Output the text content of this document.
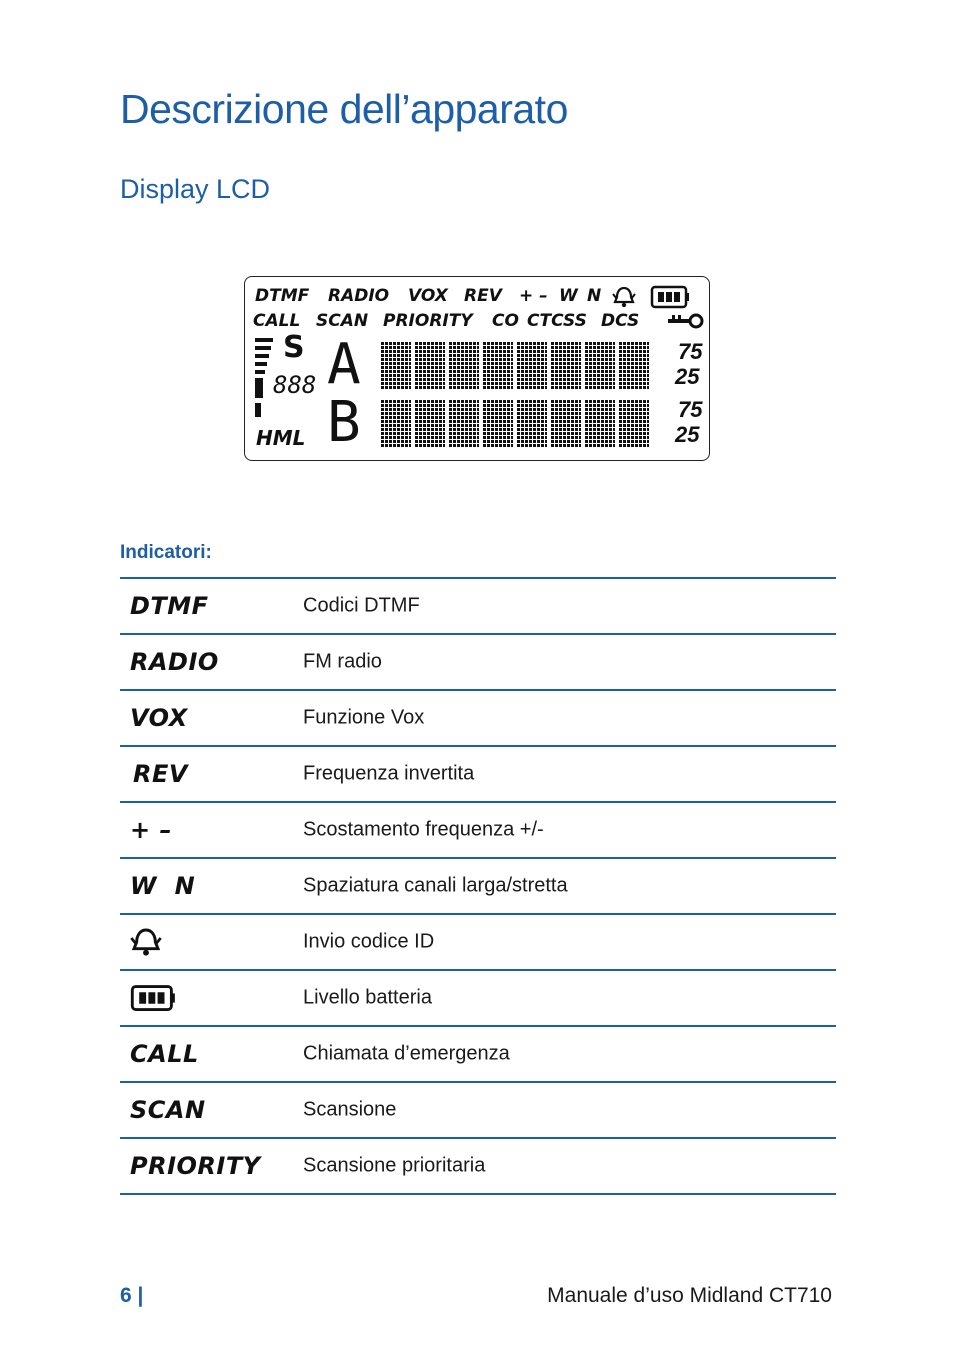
Descrizione dell’apparato
Display LCD
DTMF RADIO VOX REV + – W N
CALL SCAN PRIORITY CO CTCSS DCS
S
888
HML
A	75
25
B	75
25
Indicatori:
DTMF	Codici DTMF
RADIO	FM radio
VOX	Funzione Vox
REV	Frequenza invertita
+ –	Scostamento frequenza +/-
W  N	Spaziatura canali larga/stretta
Invio codice ID
Livello batteria
CALL	Chiamata d’emergenza
SCAN	Scansione
PRIORITY Scansione prioritaria
6 |	Manuale d’uso Midland CT710
